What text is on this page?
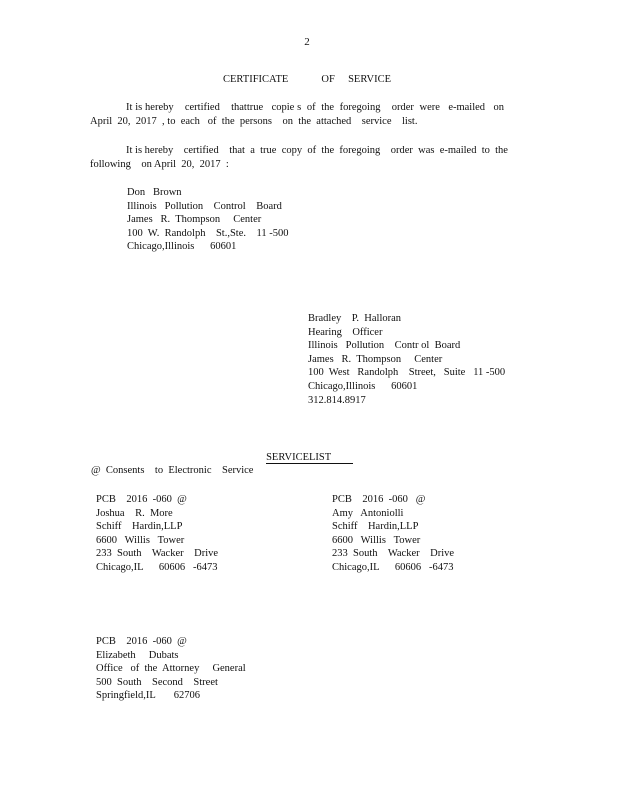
2
CERTIFICATE     OF  SERVICE
It is hereby    certified    thattrue   copie s  of  the  foregoing    order  were   e-mailed   on
April  20,  2017  , to  each   of  the  persons    on  the  attached    service    list.
It is hereby    certified    that  a  true  copy  of  the  foregoing    order  was  e-mailed  to  the
following    on April  20,  2017  :
Don   Brown
Illinois   Pollution    Control    Board
James   R.  Thompson     Center
100  W.  Randolph    St.,Ste.    11 -500
Chicago,Illinois      60601
Bradley    P.  Halloran
Hearing    Officer
Illinois   Pollution    Contr ol  Board
James   R.  Thompson     Center
100  West   Randolph    Street,   Suite   11 -500
Chicago,Illinois      60601
312.814.8917

SERVICELIST

@  Consents    to  Electronic    Service
PCB    2016  -060  @
Joshua    R.  More
Schiff    Hardin,LLP
6600   Willis   Tower
233  South    Wacker    Drive
Chicago,IL      60606   -6473
PCB    2016  -060   @
Amy   Antoniolli
Schiff    Hardin,LLP
6600   Willis   Tower
233  South    Wacker    Drive
Chicago,IL      60606   -6473
PCB    2016  -060  @
Elizabeth     Dubats
Office   of  the  Attorney     General
500  South    Second    Street
Springfield,IL       62706
